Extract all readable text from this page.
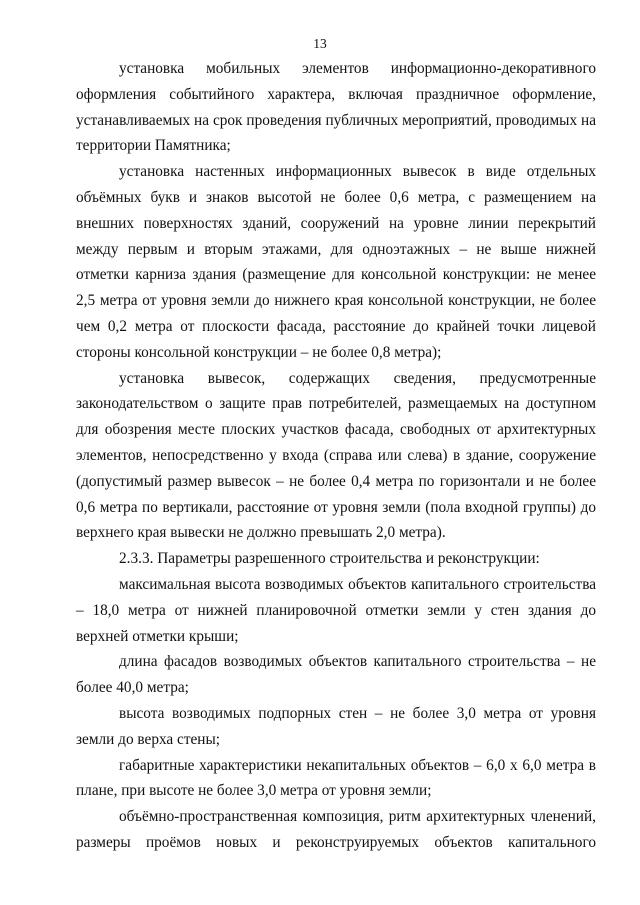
13

установка мобильных элементов информационно-декоративного оформления событийного характера, включая праздничное оформление, устанавливаемых на срок проведения публичных мероприятий, проводимых на территории Памятника;

установка настенных информационных вывесок в виде отдельных объёмных букв и знаков высотой не более 0,6 метра, с размещением на внешних поверхностях зданий, сооружений на уровне линии перекрытий между первым и вторым этажами, для одноэтажных – не выше нижней отметки карниза здания (размещение для консольной конструкции: не менее 2,5 метра от уровня земли до нижнего края консольной конструкции, не более чем 0,2 метра от плоскости фасада, расстояние до крайней точки лицевой стороны консольной конструкции – не более 0,8 метра);

установка вывесок, содержащих сведения, предусмотренные законодательством о защите прав потребителей, размещаемых на доступном для обозрения месте плоских участков фасада, свободных от архитектурных элементов, непосредственно у входа (справа или слева) в здание, сооружение (допустимый размер вывесок – не более 0,4 метра по горизонтали и не более 0,6 метра по вертикали, расстояние от уровня земли (пола входной группы) до верхнего края вывески не должно превышать 2,0 метра).

2.3.3. Параметры разрешенного строительства и реконструкции:

максимальная высота возводимых объектов капитального строительства – 18,0 метра от нижней планировочной отметки земли у стен здания до верхней отметки крыши;

длина фасадов возводимых объектов капитального строительства – не более 40,0 метра;

высота возводимых подпорных стен – не более 3,0 метра от уровня земли до верха стены;

габаритные характеристики некапитальных объектов – 6,0 х 6,0 метра в плане, при высоте не более 3,0 метра от уровня земли;

объёмно-пространственная композиция, ритм архитектурных членений, размеры проёмов новых и реконструируемых объектов капитального
